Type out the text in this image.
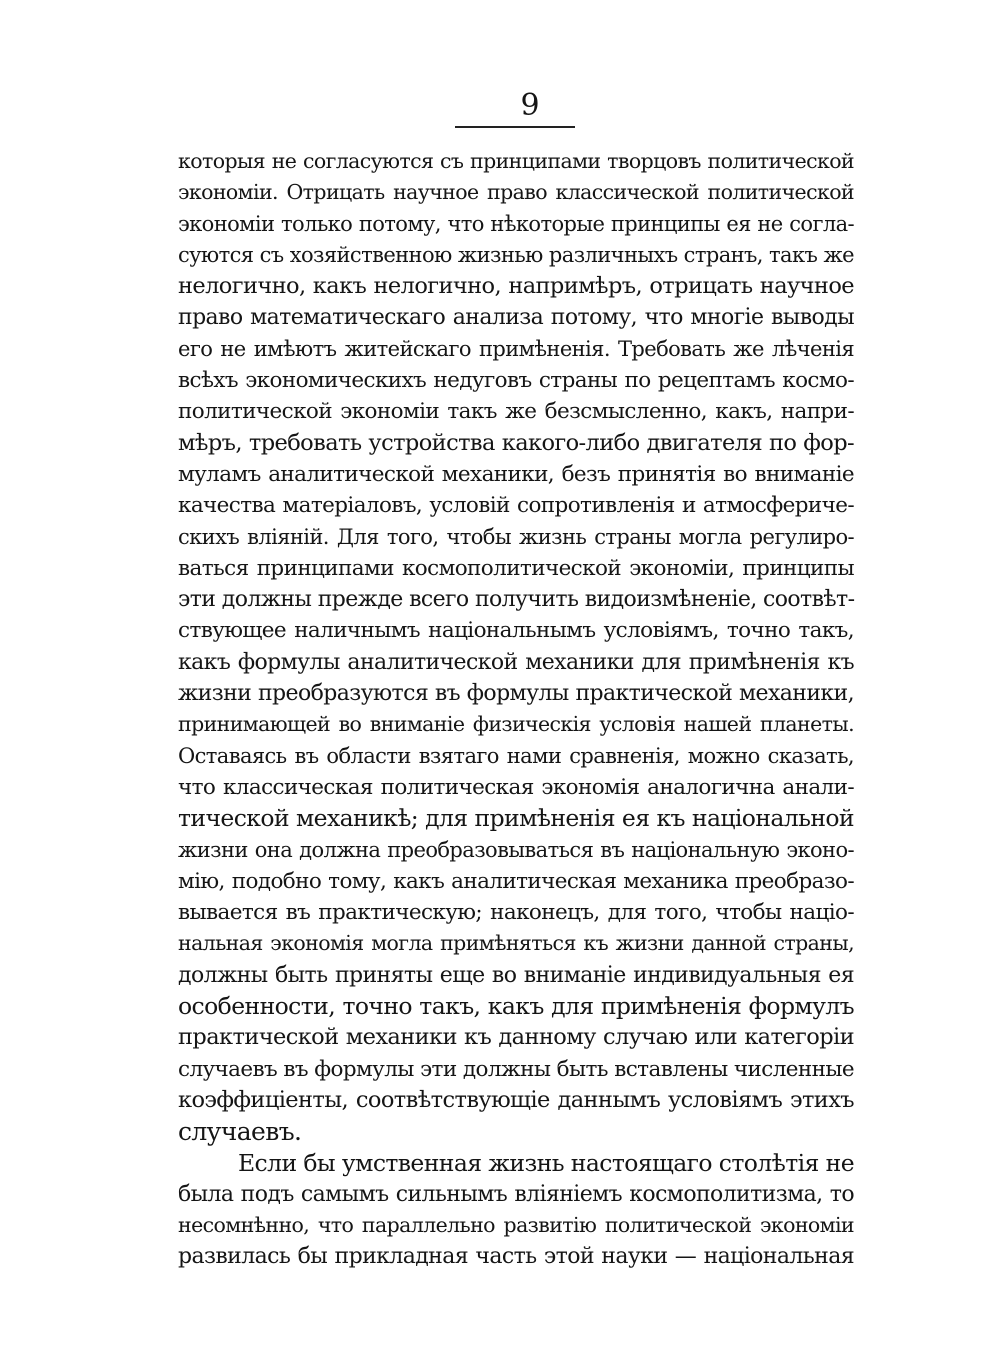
9
которыя не согласуются съ принципами творцовъ политической
экономіи. Отрицать научное право классической политической
экономіи только потому, что нѣкоторые принципы ея не согла-
суются съ хозяйственною жизнью различныхъ странъ, такъ же
нелогично, какъ нелогично, напримѣръ, отрицать научное
право математическаго анализа потому, что многіе выводы
его не имѣютъ житейскаго примѣненія. Требовать же лѣченія
всѣхъ экономическихъ недуговъ страны по рецептамъ космо-
политической экономіи такъ же безсмысленно, какъ, напри-
мѣръ, требовать устройства какого-либо двигателя по фор-
муламъ аналитической механики, безъ принятія во вниманіе
качества матеріаловъ, условій сопротивленія и атмосфериче-
скихъ вліяній. Для того, чтобы жизнь страны могла регулиро-
ваться принципами космополитической экономіи, принципы
эти должны прежде всего получить видоизмѣненіе, соотвѣт-
ствующее наличнымъ національнымъ условіямъ, точно такъ,
какъ формулы аналитической механики для примѣненія къ
жизни преобразуются въ формулы практической механики,
принимающей во вниманіе физическія условія нашей планеты.
Оставаясь въ области взятаго нами сравненія, можно сказать,
что классическая политическая экономія аналогична анали-
тической механикѣ; для примѣненія ея къ національной
жизни она должна преобразовываться въ національную эконо-
мію, подобно тому, какъ аналитическая механика преобразо-
вывается въ практическую; наконецъ, для того, чтобы націо-
нальная экономія могла примѣняться къ жизни данной страны,
должны быть приняты еще во вниманіе индивидуальныя ея
особенности, точно такъ, какъ для примѣненія формулъ
практической механики къ данному случаю или категоріи
случаевъ въ формулы эти должны быть вставлены численные
коэффиціенты, соотвѣтствующіе даннымъ условіямъ этихъ
случаевъ.
Если бы умственная жизнь настоящаго столѣтія не
была подъ самымъ сильнымъ вліяніемъ космополитизма, то
несомнѣнно, что параллельно развитію политической экономіи
развилась бы прикладная часть этой науки — національная
